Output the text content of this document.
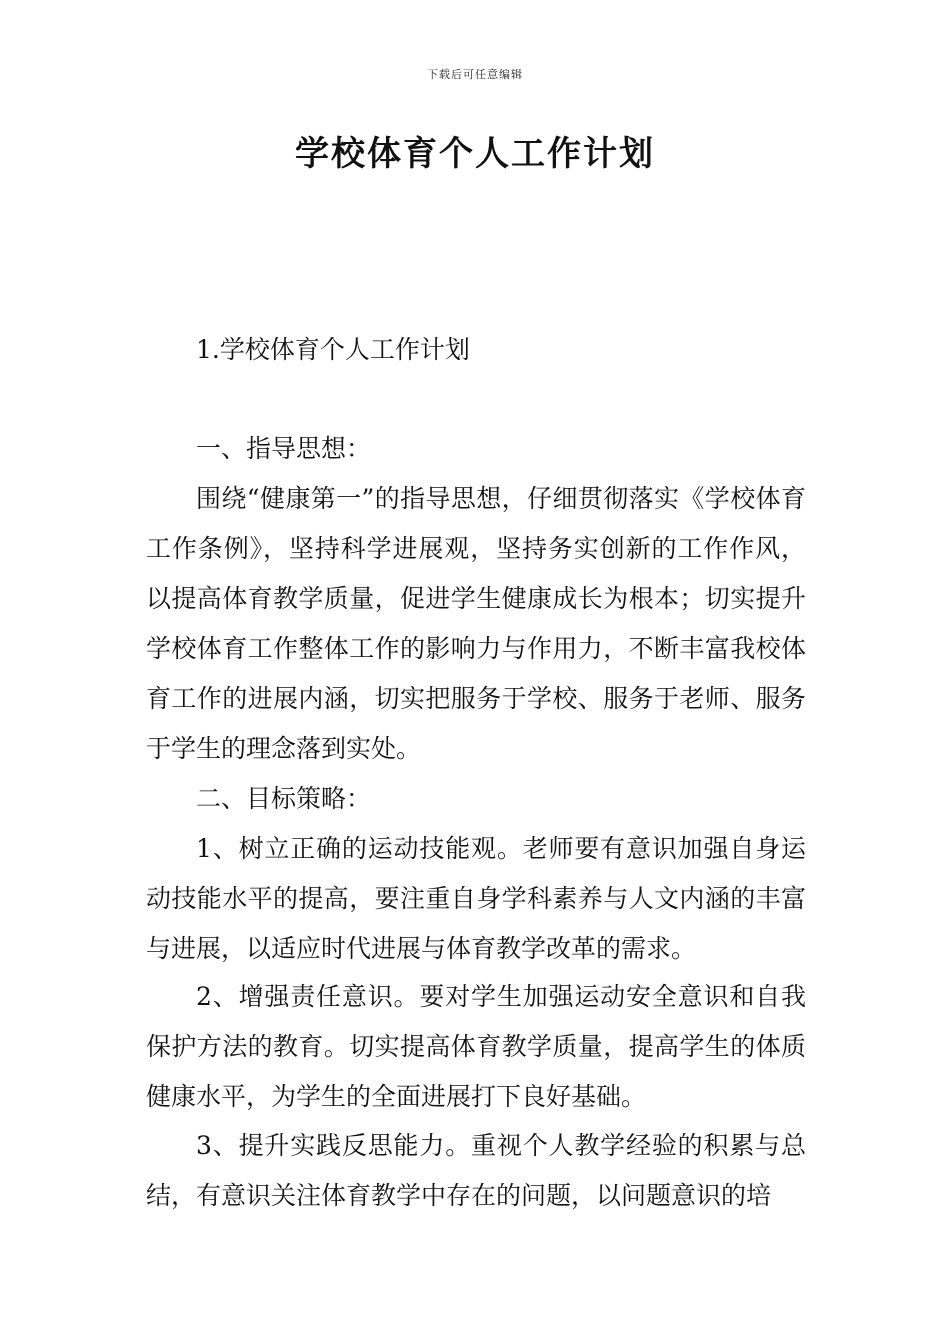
下载后可任意编辑
学校体育个人工作计划
1.学校体育个人工作计划
一、指导思想：

围绕“健康第一”的指导思想，仔细贯彻落实《学校体育工作条例》，坚持科学进展观，坚持务实创新的工作作风，以提高体育教学质量，促进学生健康成长为根本；切实提升学校体育工作整体工作的影响力与作用力，不断丰富我校体育工作的进展内涵，切实把服务于学校、服务于老师、服务于学生的理念落到实处。

二、目标策略：

1、树立正确的运动技能观。老师要有意识加强自身运动技能水平的提高，要注重自身学科素养与人文内涵的丰富与进展，以适应时代进展与体育教学改革的需求。

2、增强责任意识。要对学生加强运动安全意识和自我保护方法的教育。切实提高体育教学质量，提高学生的体质健康水平，为学生的全面进展打下良好基础。

3、提升实践反思能力。重视个人教学经验的积累与总结，有意识关注体育教学中存在的问题，以问题意识的培
